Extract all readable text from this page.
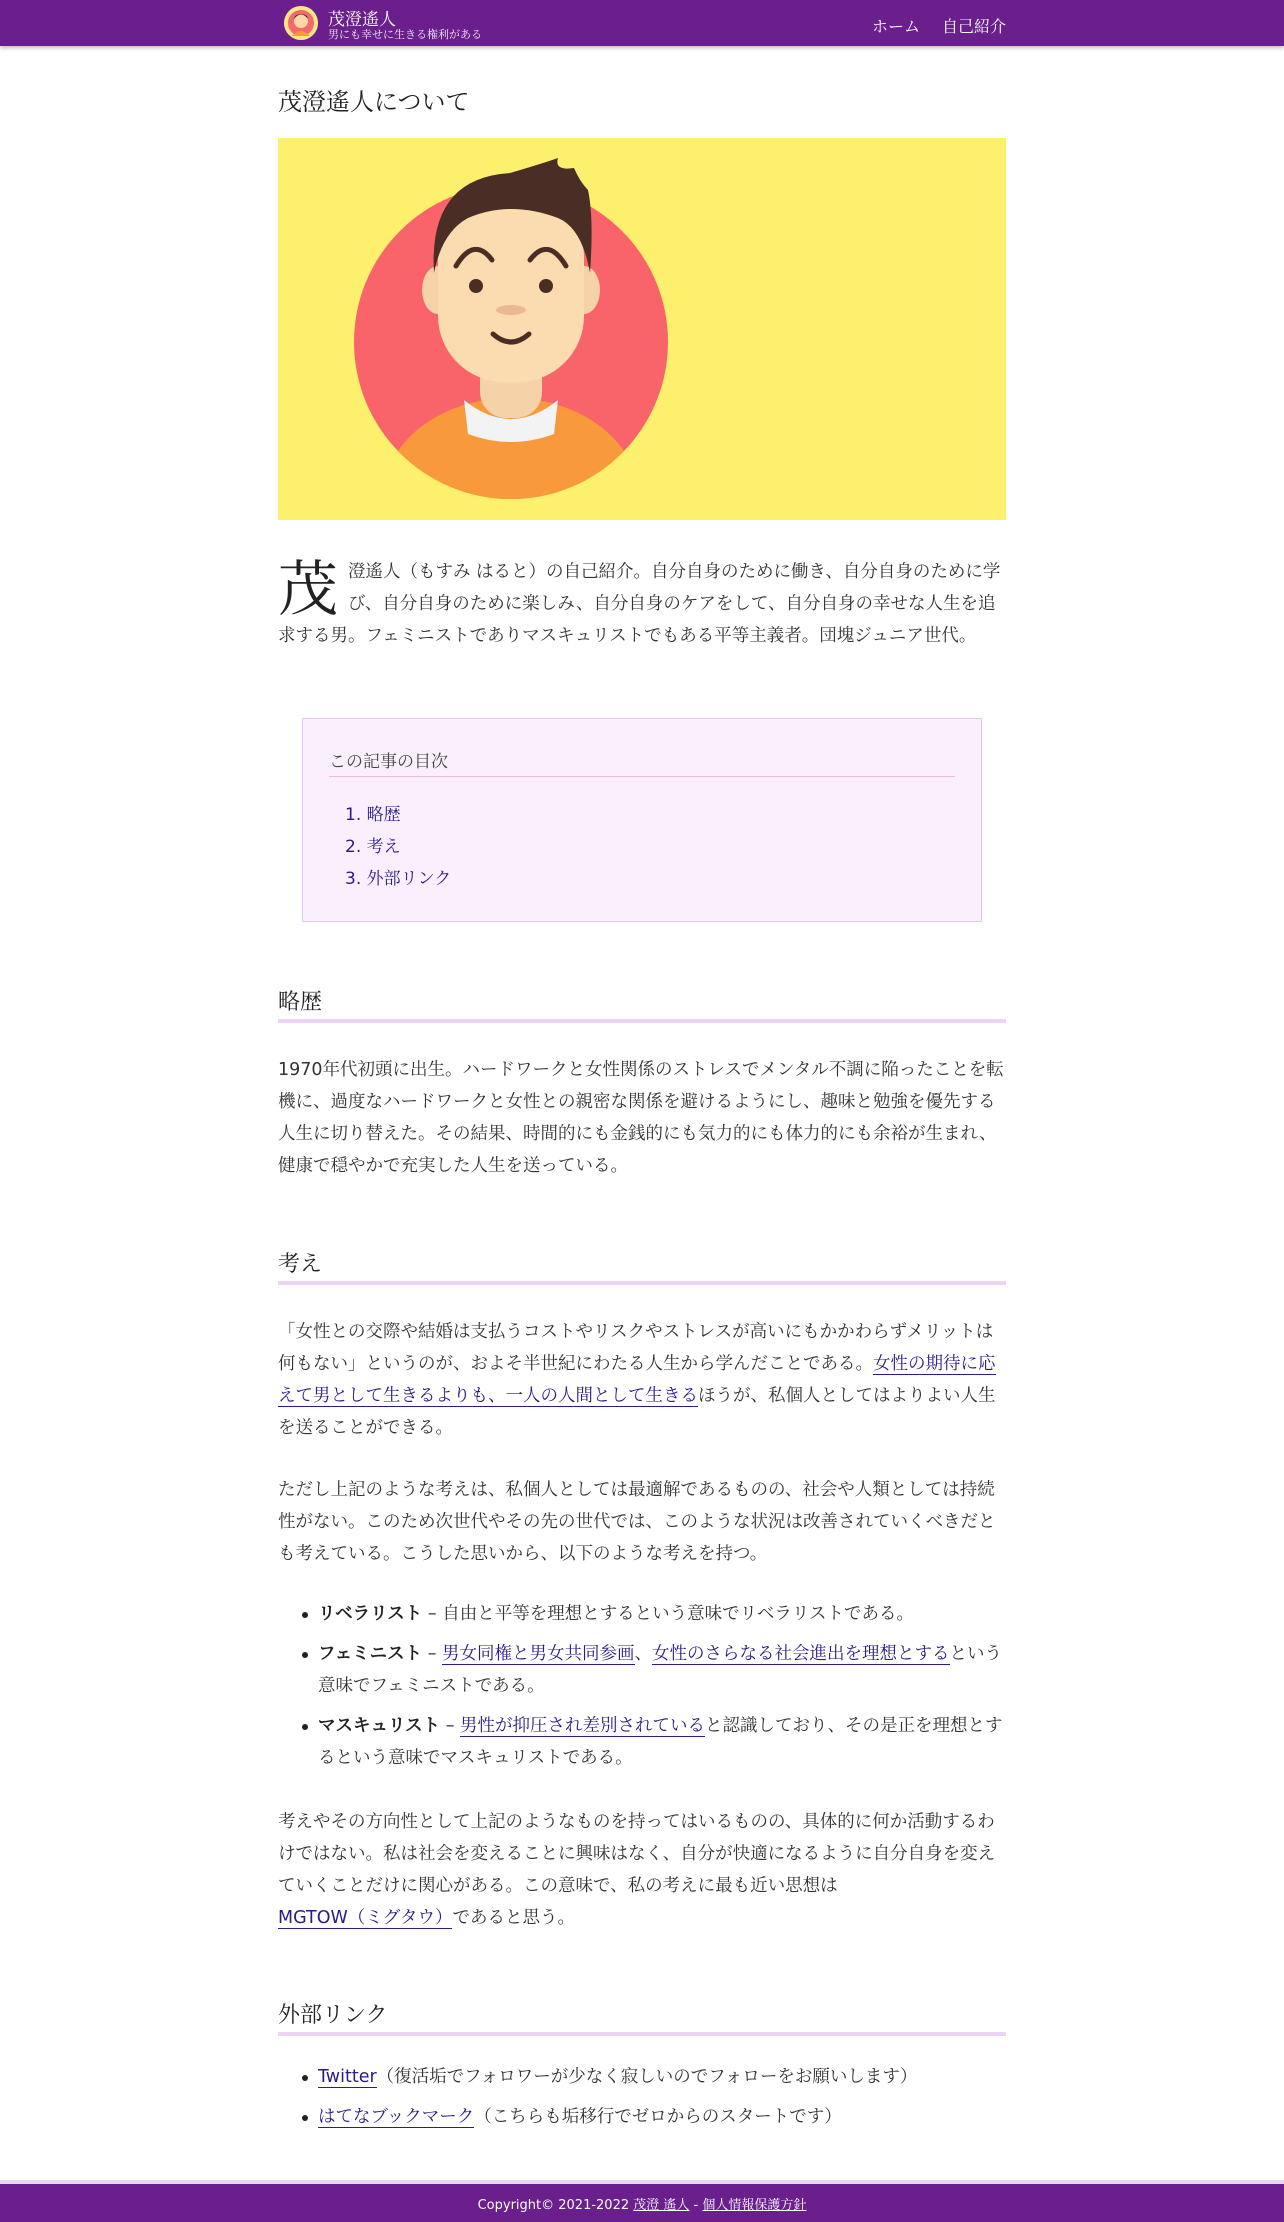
茂澄遙人
男にも幸せに生きる権利がある	ホーム 自己紹介
茂澄遙人について
茂澄遙人（もすみ はると）の自己紹介。自分自身のために働き、自分自身のために学び、自分自身のために楽しみ、自分自身のケアをして、自分自身の幸せな人生を追求する男。フェミニストでありマスキュリストでもある平等主義者。団塊ジュニア世代。
この記事の目次
1. 略歴
2. 考え
3. 外部リンク
略歴
1970年代初頭に出生。ハードワークと女性関係のストレスでメンタル不調に陥ったことを転機に、過度なハードワークと女性との親密な関係を避けるようにし、趣味と勉強を優先する人生に切り替えた。その結果、時間的にも金銭的にも気力的にも体力的にも余裕が生まれ、健康で穏やかで充実した人生を送っている。
考え
「女性との交際や結婚は支払うコストやリスクやストレスが高いにもかかわらずメリットは何もない」というのが、およそ半世紀にわたる人生から学んだことである。女性の期待に応えて男として生きるよりも、一人の人間として生きるほうが、私個人としてはよりよい人生を送ることができる。
ただし上記のような考えは、私個人としては最適解であるものの、社会や人類としては持続性がない。このため次世代やその先の世代では、このような状況は改善されていくべきだとも考えている。こうした思いから、以下のような考えを持つ。
リベラリスト – 自由と平等を理想とするという意味でリベラリストである。
フェミニスト – 男女同権と男女共同参画、女性のさらなる社会進出を理想とするという意味でフェミニストである。
マスキュリスト – 男性が抑圧され差別されていると認識しており、その是正を理想とするという意味でマスキュリストである。
考えやその方向性として上記のようなものを持ってはいるものの、具体的に何か活動するわけではない。私は社会を変えることに興味はなく、自分が快適になるように自分自身を変えていくことだけに関心がある。この意味で、私の考えに最も近い思想はMGTOW（ミグタウ）であると思う。
外部リンク
Twitter（復活垢でフォロワーが少なく寂しいのでフォローをお願いします）
はてなブックマーク（こちらも垢移行でゼロからのスタートです）
Copyright© 2021-2022 茂澄 遙人 - 個人情報保護方針
